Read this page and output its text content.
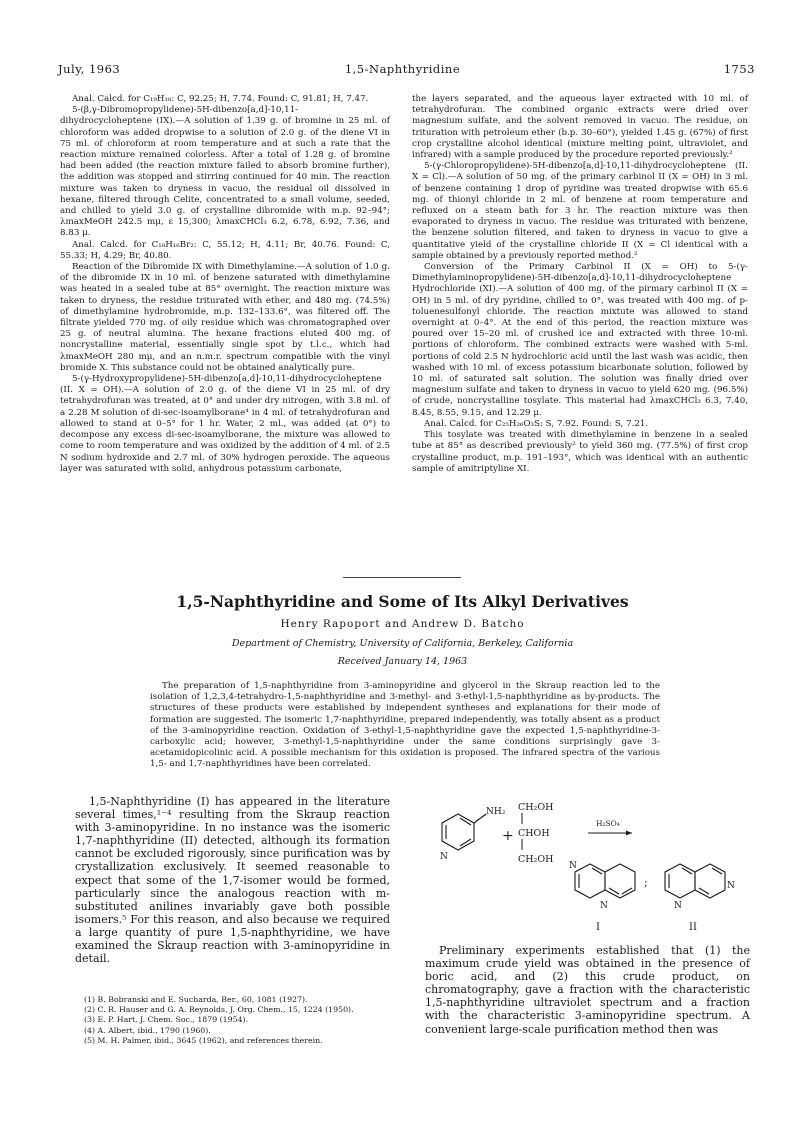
July, 1963	1,5-Naphthyridine	1753

Anal. Calcd. for C₁₉H₁₈: C, 92.25; H, 7.74. Found: C, 91.81; H, 7.47.

5-(β,γ-Dibromopropylidene)-5H-dibenzo[a,d]-10,11-dihydrocycloheptene (IX).—A solution of 1.39 g. of bromine in 25 ml. of chloroform was added dropwise to a solution of 2.0 g. of the diene VI in 75 ml. of chloroform at room temperature and at such a rate that the reaction mixture remained colorless. After a total of 1.28 g. of bromine had been added (the reaction mixture failed to absorb bromine further), the addition was stopped and stirring continued for 40 min. The reaction mixture was taken to dryness in vacuo, the residual oil dissolved in hexane, filtered through Celite, concentrated to a small volume, seeded, and chilled to yield 3.0 g. of crystalline dibromide with m.p. 92–94°; λmaxMeOH 242.5 mμ, ε 15,300; λmaxCHCl₃ 6.2, 6.78, 6.92, 7.36, and 8.83 μ.

Anal. Calcd. for C₁₈H₁₆Br₂: C, 55.12; H, 4.11; Br, 40.76. Found: C, 55.33; H, 4.29; Br, 40.80.

Reaction of the Dibromide IX with Dimethylamine.—A solution of 1.0 g. of the dibromide IX in 10 ml. of benzene saturated with dimethylamine was heated in a sealed tube at 85° overnight. The reaction mixture was taken to dryness, the residue triturated with ether, and 480 mg. (74.5%) of dimethylamine hydrobromide, m.p. 132–133.6°, was filtered off. The filtrate yielded 770 mg. of oily residue which was chromatographed over 25 g. of neutral alumina. The hexane fractions eluted 400 mg. of noncrystalline material, essentially single spot by t.l.c., which had λmaxMeOH 280 mμ, and an n.m.r. spectrum compatible with the vinyl bromide X. This substance could not be obtained analytically pure.

5-(γ-Hydroxypropylidene)-5H-dibenzo[a,d]-10,11-dihydrocycloheptene (II. X = OH).—A solution of 2.0 g. of the diene VI in 25 ml. of dry tetrahydrofuran was treated, at 0° and under dry nitrogen, with 3.8 ml. of a 2.28 M solution of di-sec-isoamylborane⁴ in 4 ml. of tetrahydrofuran and allowed to stand at 0–5° for 1 hr. Water, 2 ml., was added (at 0°) to decompose any excess di-sec-isoamylborane, the mixture was allowed to come to room temperature and was oxidized by the addition of 4 ml. of 2.5 N sodium hydroxide and 2.7 ml. of 30% hydrogen peroxide. The aqueous layer was saturated with solid, anhydrous potassium carbonate,

the layers separated, and the aqueous layer extracted with 10 ml. of tetrahydrofuran. The combined organic extracts were dried over magnesium sulfate, and the solvent removed in vacuo. The residue, on trituration with petroleum ether (b.p. 30–60°), yielded 1.45 g. (67%) of first crop crystalline alcohol identical (mixture melting point, ultraviolet, and infrared) with a sample produced by the procedure reported previously.²

5-(γ-Chloropropylidene)-5H-dibenzo[a,d]-10,11-dihydrocycloheptene (II. X = Cl).—A solution of 50 mg. of the primary carbinol II (X = OH) in 3 ml. of benzene containing 1 drop of pyridine was treated dropwise with 65.6 mg. of thionyl chloride in 2 ml. of benzene at room temperature and refluxed on a steam bath for 3 hr. The reaction mixture was then evaporated to dryness in vacuo. The residue was triturated with benzene, the benzene solution filtered, and taken to dryness in vacuo to give a quantitative yield of the crystalline chloride II (X = Cl identical with a sample obtained by a previously reported method.²

Conversion of the Primary Carbinol II (X = OH) to 5-(γ-Dimethylaminopropylidene)-5H-dibenzo[a,d]-10,11-dihydrocycloheptene Hydrochloride (XI).—A solution of 400 mg. of the pirmary carbinol II (X = OH) in 5 ml. of dry pyridine, chilled to 0°, was treated with 400 mg. of p-toluenesulfonyl chloride. The reaction mixtute was allowed to stand overnight at 0–4°. At the end of this period, the reaction mixture was poured over 15–20 ml. of crushed ice and extracted with three 10-ml. portions of chloroform. The combined extracts were washed with 5-ml. portions of cold 2.5 N hydrochloric acid until the last wash was acidic, then washed with 10 ml. of excess potassium bicarbonate solution, followed by 10 ml. of saturated salt solution. The solution was finally dried over magnesium sulfate and taken to dryness in vacuo to yield 620 mg. (96.5%) of crude, noncrystalline tosylate. This material had λmaxCHCl₃ 6.3, 7.40, 8.45, 8.55, 9.15, and 12.29 μ.

Anal. Calcd. for C₂₅H₂₆O₃S: S, 7.92. Found: S, 7.21.

This tosylate was treated with dimethylamine in benzene in a sealed tube at 85° as described previously² to yield 360 mg. (77.5%) of first crop crystalline product, m.p. 191–193°, which was identical with an authentic sample of amitriptyline XI.

1,5-Naphthyridine and Some of Its Alkyl Derivatives
Henry Rapoport and Andrew D. Batcho
Department of Chemistry, University of California, Berkeley, California
Received January 14, 1963

The preparation of 1,5-naphthyridine from 3-aminopyridine and glycerol in the Skraup reaction led to the isolation of 1,2,3,4-tetrahydro-1,5-naphthyridine and 3-methyl- and 3-ethyl-1,5-naphthyridine as by-products. The structures of these products were established by independent syntheses and explanations for their mode of formation are suggested. The isomeric 1,7-naphthyridine, prepared independently, was totally absent as a product of the 3-aminopyridine reaction. Oxidation of 3-ethyl-1,5-naphthyridine gave the expected 1,5-naphthyridine-3-carboxylic acid; however, 3-methyl-1,5-naphthyridine under the same conditions surprisingly gave 3-acetamidopicolinic acid. A possible mechanism for this oxidation is proposed. The infrared spectra of the various 1,5- and 1,7-naphthyridines have been correlated.

1,5-Naphthyridine (I) has appeared in the literature several times,¹⁻⁴ resulting from the Skraup reaction with 3-aminopyridine. In no instance was the isomeric 1,7-naphthyridine (II) detected, although its formation cannot be excluded rigorously, since purification was by crystallization exclusively. It seemed reasonable to expect that some of the 1,7-isomer would be formed, particularly since the analogous reaction with m-substituted anilines invariably gave both possible isomers.⁵ For this reason, and also because we required a large quantity of pure 1,5-naphthyridine, we have examined the Skraup reaction with 3-aminopyridine in detail.

(1) B. Bobranski and E. Sucharda, Ber., 60, 1081 (1927).
(2) C. R. Hauser and G. A. Reynolds, J. Org. Chem., 15, 1224 (1950).
(3) E. P. Hart, J. Chem. Soc., 1879 (1954).
(4) A. Albert, ibid., 1790 (1960).
(5) M. H. Palmer, ibid., 3645 (1962), and references therein.
NH₂
N
+
CH₂OH
CHOH
CH₂OH
H₂SO₄
N
N
;
I
N
N
II

Preliminary experiments established that (1) the maximum crude yield was obtained in the presence of boric acid, and (2) this crude product, on chromatography, gave a fraction with the characteristic 1,5-naphthyridine ultraviolet spectrum and a fraction with the characteristic 3-aminopyridine spectrum. A convenient large-scale purification method then was
